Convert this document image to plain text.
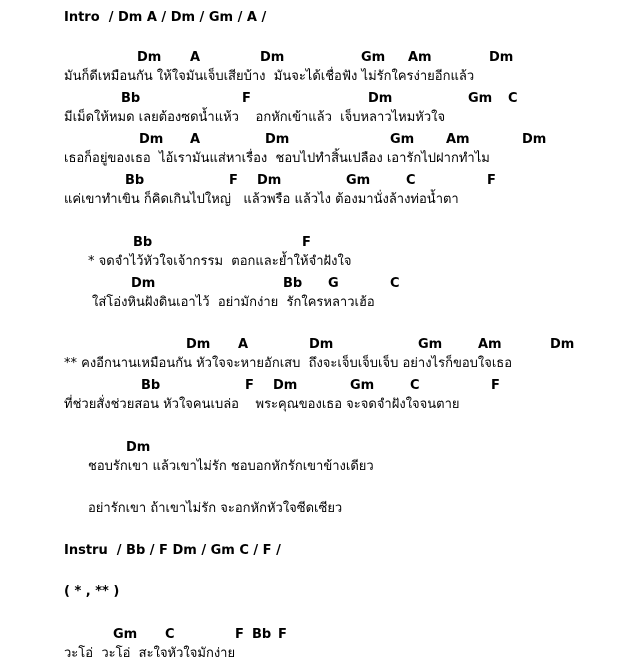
Intro  / Dm A / Dm / Gm / A /
Dm A	Dm	Gm Am	Dm
มันก็ดีเหมือนกัน ให้ใจมันเจ็บเสียบ้าง  มันจะได้เชื่อฟัง ไม่รักใครง่ายอีกแล้ว
Bb	F	Dm	Gm C
มีเม็ดให้หมด เลยต้องซดน้ำแห้ว    อกหักเข้าแล้ว  เจ็บหลาวไหมหัวใจ
Dm A	Dm	Gm Am	Dm
เธอก็อยู่ของเธอ  ไอ้เรามันแส่หาเรื่อง  ชอบไปทำสิ้นเปลือง เอารักไปฝากทำไม
Bb	F Dm	Gm	C	F
แค่เขาทำเขิน ก็คิดเกินไปใหญ่   แล้วพรือ แล้วไง ต้องมานั่งล้างท่อน้ำตา
Bb	F
* จดจำไว้หัวใจเจ้ากรรม  ตอกและย้ำให้จำฝังใจ
Dm	Bb G	C
ใส่โอ่งหินฝังดินเอาไว้  อย่ามักง่าย  รักใครหลาวเฮ้อ
Dm A	Dm	Gm	Am	Dm
** คงอีกนานเหมือนกัน หัวใจจะหายอักเสบ  ถึงจะเจ็บเจ็บเจ็บ อย่างไรก็ขอบใจเธอ
Bb	F Dm	Gm	C	F
ที่ช่วยสั่งช่วยสอน หัวใจคนเบล่อ    พระคุณของเธอ จะจดจำฝังใจจนตาย
Dm
ชอบรักเขา แล้วเขาไม่รัก ชอบอกหักรักเขาข้างเดียว
อย่ารักเขา ถ้าเขาไม่รัก จะอกหักหัวใจซีดเซียว
Instru  / Bb / F Dm / Gm C / F /
( * , ** )
Gm C	F Bb F
วะโอ่  วะโอ่  สะใจหัวใจมักง่าย
